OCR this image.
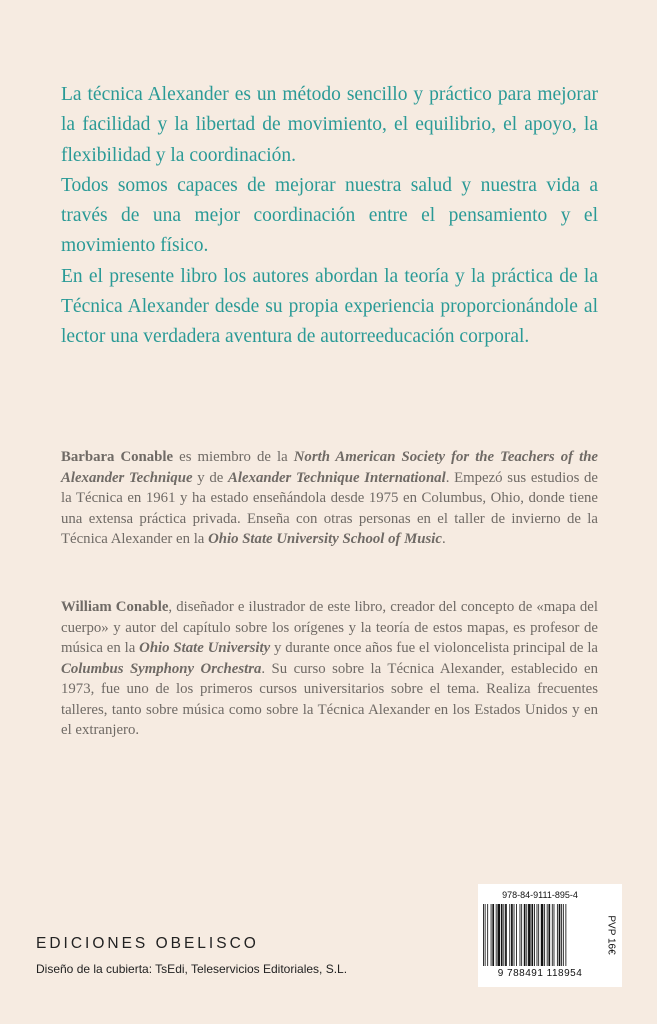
La técnica Alexander es un método sencillo y práctico para mejorar la facilidad y la libertad de movimiento, el equilibrio, el apoyo, la flexibilidad y la coordinación.

Todos somos capaces de mejorar nuestra salud y nuestra vida a través de una mejor coordinación entre el pensamiento y el movimiento físico.

En el presente libro los autores abordan la teoría y la práctica de la Técnica Alexander desde su propia experiencia proporcionándole al lector una verdadera aventura de autorreeducación corporal.

Barbara Conable es miembro de la North American Society for the Teachers of the Alexander Technique y de Alexander Technique International. Empezó sus estudios de la Técnica en 1961 y ha estado enseñándola desde 1975 en Columbus, Ohio, donde tiene una extensa práctica privada. Enseña con otras personas en el taller de invierno de la Técnica Alexander en la Ohio State University School of Music.

William Conable, diseñador e ilustrador de este libro, creador del concepto de «mapa del cuerpo» y autor del capítulo sobre los orígenes y la teoría de estos mapas, es profesor de música en la Ohio State University y durante once años fue el violoncelista principal de la Columbus Symphony Orchestra. Su curso sobre la Técnica Alexander, establecido en 1973, fue uno de los primeros cursos universitarios sobre el tema. Realiza frecuentes talleres, tanto sobre música como sobre la Técnica Alexander en los Estados Unidos y en el extranjero.

EDICIONES OBELISCO
Diseño de la cubierta: TsEdi, Teleservicios Editoriales, S.L.
978-84-9111-895-4
9 788491 118954
PVP 16€
